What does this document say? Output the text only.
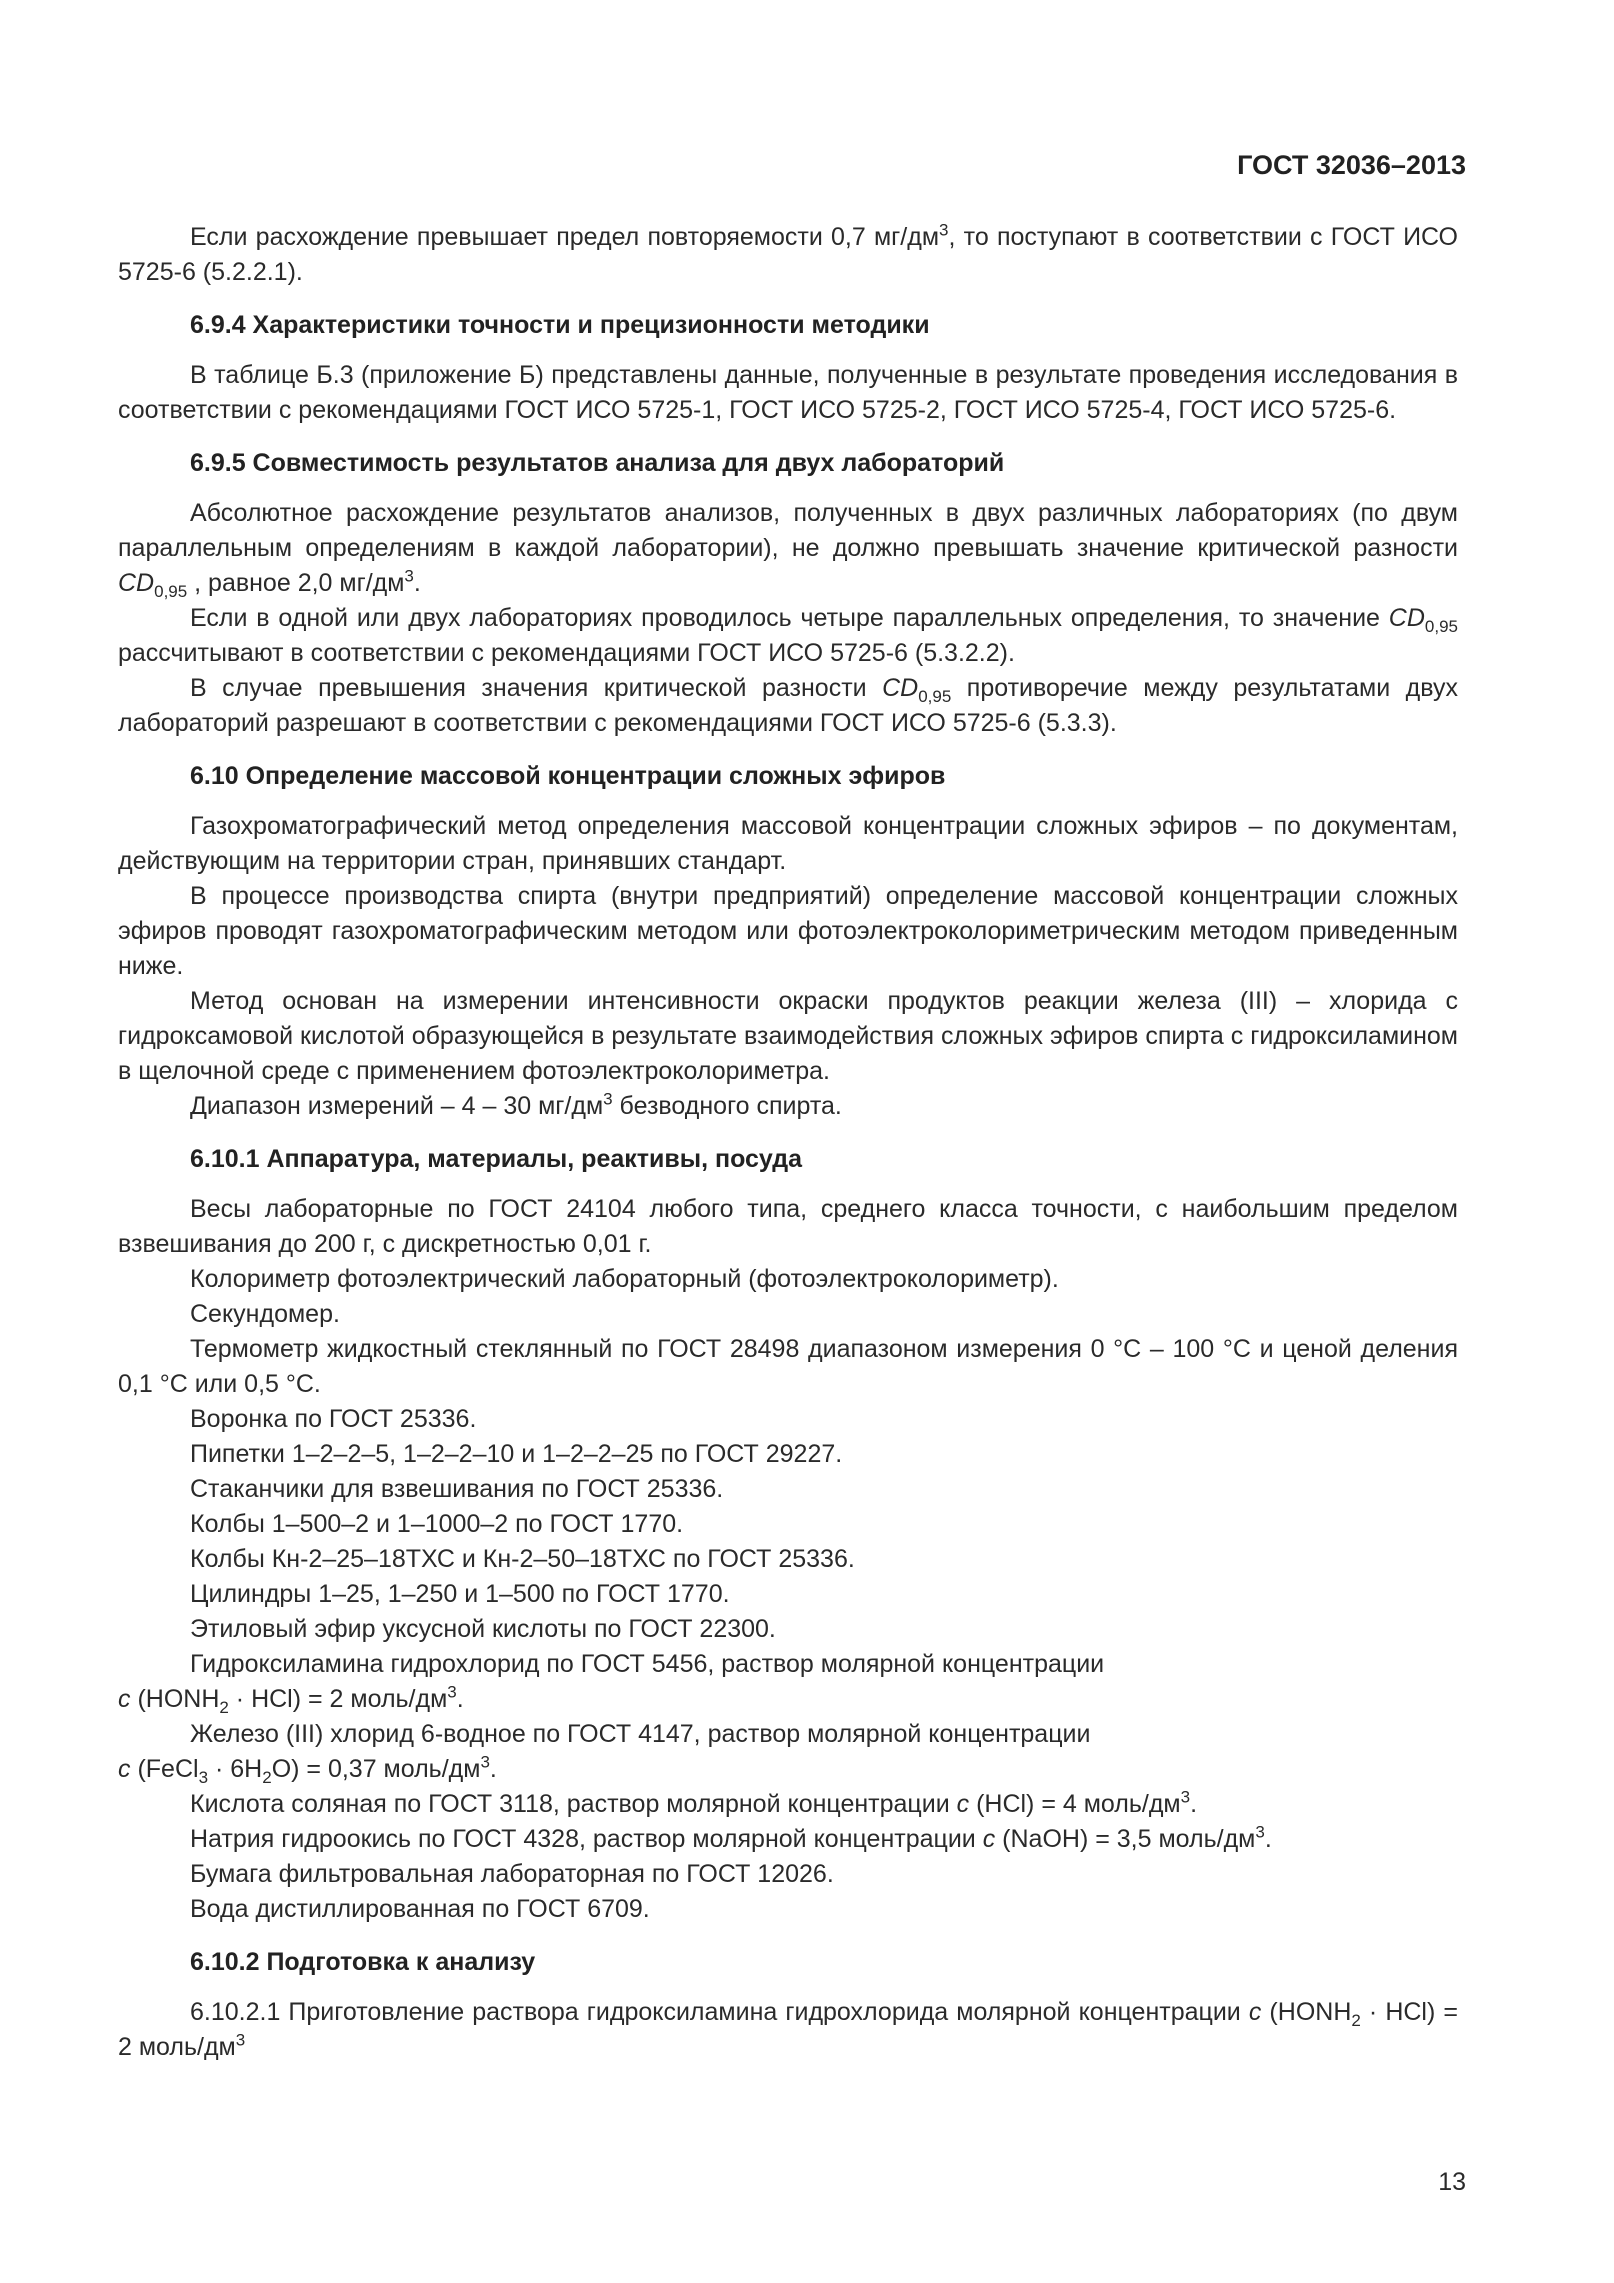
ГОСТ 32036–2013

Если расхождение превышает предел повторяемости 0,7 $мг/дм^3$, то поступают в соответствии с ГОСТ ИСО 5725-6 (5.2.2.1).

6.9.4 Характеристики точности и прецизионности методики

В таблице Б.3 (приложение Б) представлены данные, полученные в результате проведения исследования в соответствии с рекомендациями ГОСТ ИСО 5725-1, ГОСТ ИСО 5725-2, ГОСТ ИСО 5725-4, ГОСТ ИСО 5725-6.

6.9.5 Совместимость результатов анализа для двух лабораторий

Абсолютное расхождение результатов анализов, полученных в двух различных лабораториях (по двум параллельным определениям в каждой лаборатории), не должно превышать значение критической разности $CD_{0,95}$ , равное 2,0 $мг/дм^3$.

Если в одной или двух лабораториях проводилось четыре параллельных определения, то значение $CD_{0,95}$ рассчитывают в соответствии с рекомендациями ГОСТ ИСО 5725-6 (5.3.2.2).

В случае превышения значения критической разности $CD_{0,95}$ противоречие между результатами двух лабораторий разрешают в соответствии с рекомендациями ГОСТ ИСО 5725-6 (5.3.3).

6.10 Определение массовой концентрации сложных эфиров

Газохроматографический метод определения массовой концентрации сложных эфиров – по документам, действующим на территории стран, принявших стандарт.

В процессе производства спирта (внутри предприятий) определение массовой концентрации сложных эфиров проводят газохроматографическим методом или фотоэлектроколориметрическим методом приведенным ниже.

Метод основан на измерении интенсивности окраски продуктов реакции железа (III) – хлорида с гидроксамовой кислотой образующейся в результате взаимодействия сложных эфиров спирта с гидроксиламином в щелочной среде с применением фотоэлектроколориметра.

Диапазон измерений – 4 – 30 $мг/дм^3$ безводного спирта.

6.10.1 Аппаратура, материалы, реактивы, посуда

Весы лабораторные по ГОСТ 24104 любого типа, среднего класса точности, с наибольшим пределом взвешивания до 200 г, с дискретностью 0,01 г.

Колориметр фотоэлектрический лабораторный (фотоэлектроколориметр).

Секундомер.

Термометр жидкостный стеклянный по ГОСТ 28498 диапазоном измерения 0 °С – 100 °С и ценой деления 0,1 °С или 0,5 °С.

Воронка по ГОСТ 25336.

Пипетки 1–2–2–5, 1–2–2–10 и 1–2–2–25 по ГОСТ 29227.

Стаканчики для взвешивания по ГОСТ 25336.

Колбы 1–500–2 и 1–1000–2 по ГОСТ 1770.

Колбы Кн-2–25–18ТХС и Кн-2–50–18ТХС по ГОСТ 25336.

Цилиндры 1–25, 1–250 и 1–500 по ГОСТ 1770.

Этиловый эфир уксусной кислоты по ГОСТ 22300.

Гидроксиламина гидрохлорид по ГОСТ 5456, раствор молярной концентрации

с $(HONH_2 \cdot HCl) = 2$ моль/$дм^3$.

Железо (III) хлорид 6-водное по ГОСТ 4147, раствор молярной концентрации

с (FeCl$_3$ · $6H_2O) = 0,37$ моль/$дм^3$.

Кислота соляная по ГОСТ 3118, раствор молярной концентрации с (HCl) = 4 моль/$дм^3$.

Натрия гидроокись по ГОСТ 4328, раствор молярной концентрации с (NaOH) = 3,5 моль/$дм^3$.

Бумага фильтровальная лабораторная по ГОСТ 12026.

Вода дистиллированная по ГОСТ 6709.

6.10.2 Подготовка к анализу

6.10.2.1 Приготовление раствора гидроксиламина гидрохлорида молярной концентрации с $(HONH_2 \cdot HCl) = 2$ моль/$дм^3$

13
